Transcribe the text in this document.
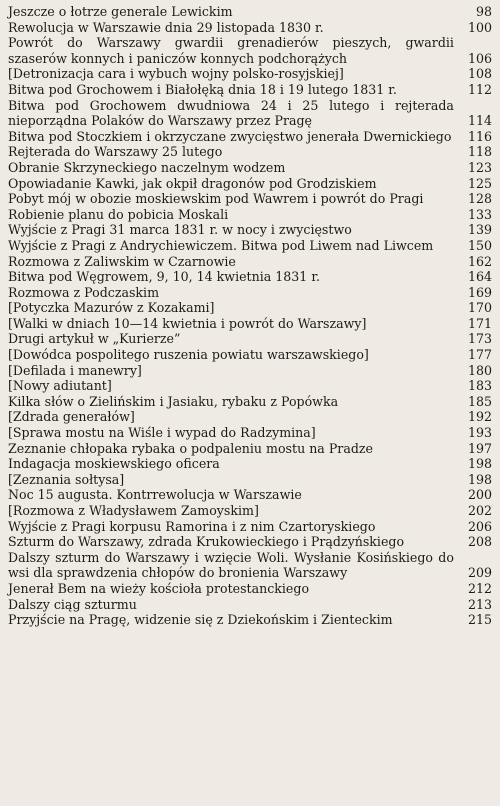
Jeszcze o łotrze generale Lewickim	98
Rewolucja w Warszawie dnia 29 listopada 1830 r.	100
Powrót do Warszawy gwardii grenadierów pieszych, gwardii szaserów konnych i paniczów konnych podchorążych	106
[Detronizacja cara i wybuch wojny polsko-rosyjskiej]	108
Bitwa pod Grochowem i Białołęką dnia 18 i 19 lutego 1831 r.	112
Bitwa pod Grochowem dwudniowa 24 i 25 lutego i rejterada nieporządna Polaków do Warszawy przez Pragę	114
Bitwa pod Stoczkiem i okrzyczane zwycięstwo jenerała Dwernickiego	116
Rejterada do Warszawy 25 lutego	118
Obranie Skrzyneckiego naczelnym wodzem	123
Opowiadanie Kawki, jak okpił dragonów pod Grodziskiem	125
Pobyt mój w obozie moskiewskim pod Wawrem i powrót do Pragi	128
Robienie planu do pobicia Moskali	133
Wyjście z Pragi 31 marca 1831 r. w nocy i zwycięstwo	139
Wyjście z Pragi z Andrychiewiczem. Bitwa pod Liwem nad Liwcem	150
Rozmowa z Zaliwskim w Czarnowie	162
Bitwa pod Węgrowem, 9, 10, 14 kwietnia 1831 r.	164
Rozmowa z Podczaskim	169
[Potyczka Mazurów z Kozakami]	170
[Walki w dniach 10—14 kwietnia i powrót do Warszawy]	171
Drugi artykuł w „Kurierze”	173
[Dowódca pospolitego ruszenia powiatu warszawskiego]	177
[Defilada i manewry]	180
[Nowy adiutant]	183
Kilka słów o Zielińskim i Jasiaku, rybaku z Popówka	185
[Zdrada generałów]	192
[Sprawa mostu na Wiśle i wypad do Radzymina]	193
Zeznanie chłopaka rybaka o podpaleniu mostu na Pradze	197
Indagacja moskiewskiego oficera	198
[Zeznania sołtysa]	198
Noc 15 augusta. Kontrrewolucja w Warszawie	200
[Rozmowa z Władysławem Zamoyskim]	202
Wyjście z Pragi korpusu Ramorina i z nim Czartoryskiego	206
Szturm do Warszawy, zdrada Krukowieckiego i Prądzyńskiego	208
Dalszy szturm do Warszawy i wzięcie Woli. Wysłanie Kosińskiego do wsi dla sprawdzenia chłopów do bronienia Warszawy	209
Jenerał Bem na wieży kościoła protestanckiego	212
Dalszy ciąg szturmu	213
Przyjście na Pragę, widzenie się z Dziekońskim i Zienteckim	215
